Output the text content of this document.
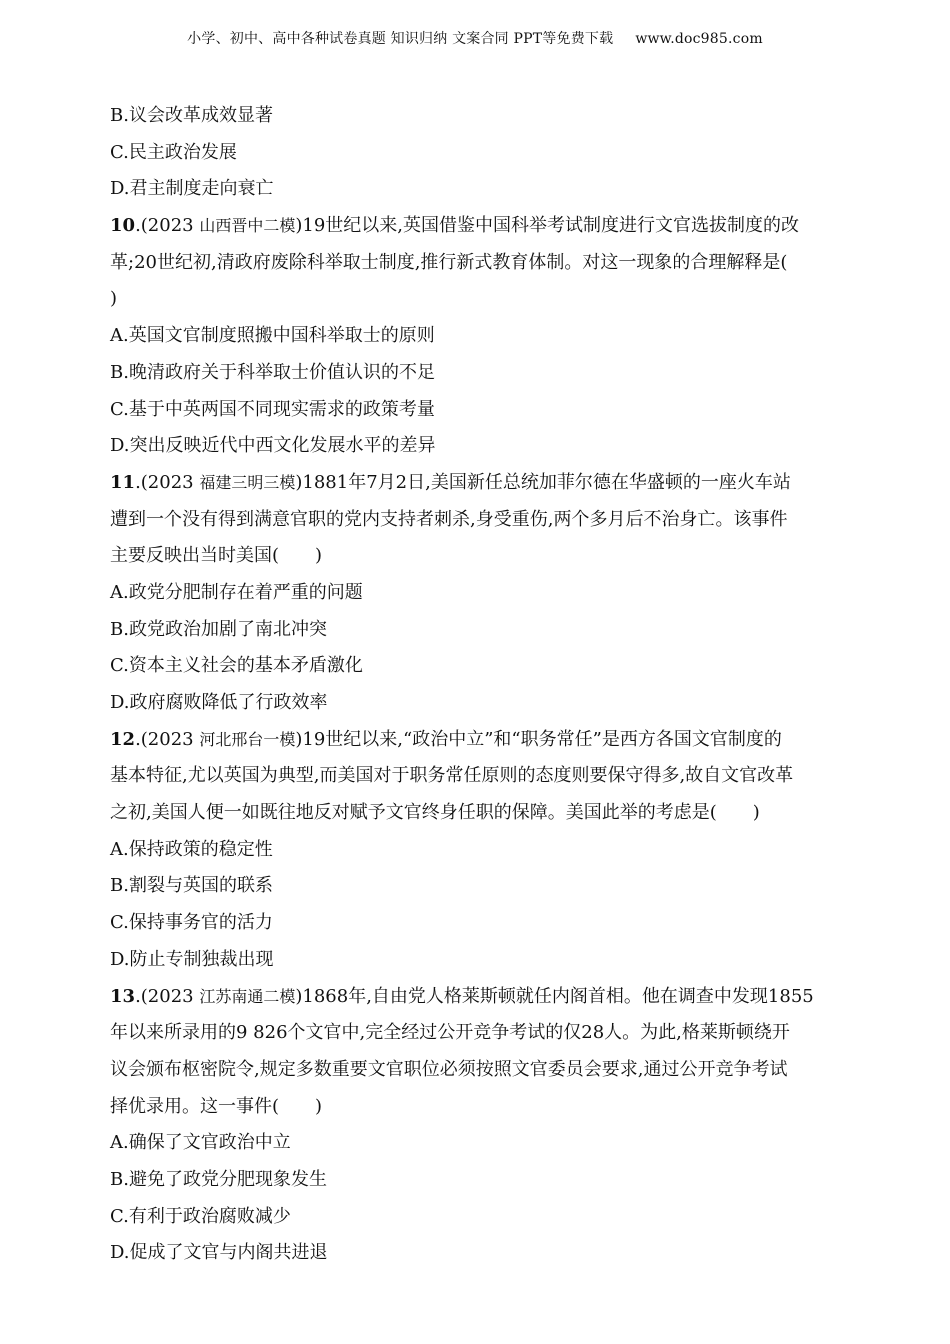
小学、初中、高中各种试卷真题 知识归纳 文案合同 PPT等免费下载 www.doc985.com
B.议会改革成效显著
C.民主政治发展
D.君主制度走向衰亡
10.(2023 山西晋中二模)19世纪以来,英国借鉴中国科举考试制度进行文官选拔制度的改
革;20世纪初,清政府废除科举取士制度,推行新式教育体制。对这一现象的合理解释是(
)
A.英国文官制度照搬中国科举取士的原则
B.晚清政府关于科举取士价值认识的不足
C.基于中英两国不同现实需求的政策考量
D.突出反映近代中西文化发展水平的差异
11.(2023 福建三明三模)1881年7月2日,美国新任总统加菲尔德在华盛顿的一座火车站
遭到一个没有得到满意官职的党内支持者刺杀,身受重伤,两个多月后不治身亡。该事件
主要反映出当时美国(　　)
A.政党分肥制存在着严重的问题
B.政党政治加剧了南北冲突
C.资本主义社会的基本矛盾激化
D.政府腐败降低了行政效率
12.(2023 河北邢台一模)19世纪以来,“政治中立”和“职务常任”是西方各国文官制度的
基本特征,尤以英国为典型,而美国对于职务常任原则的态度则要保守得多,故自文官改革
之初,美国人便一如既往地反对赋予文官终身任职的保障。美国此举的考虑是(　　)
A.保持政策的稳定性
B.割裂与英国的联系
C.保持事务官的活力
D.防止专制独裁出现
13.(2023 江苏南通二模)1868年,自由党人格莱斯顿就任内阁首相。他在调查中发现1855
年以来所录用的9 826个文官中,完全经过公开竞争考试的仅28人。为此,格莱斯顿绕开
议会颁布枢密院令,规定多数重要文官职位必须按照文官委员会要求,通过公开竞争考试
择优录用。这一事件(　　)
A.确保了文官政治中立
B.避免了政党分肥现象发生
C.有利于政治腐败减少
D.促成了文官与内阁共进退
